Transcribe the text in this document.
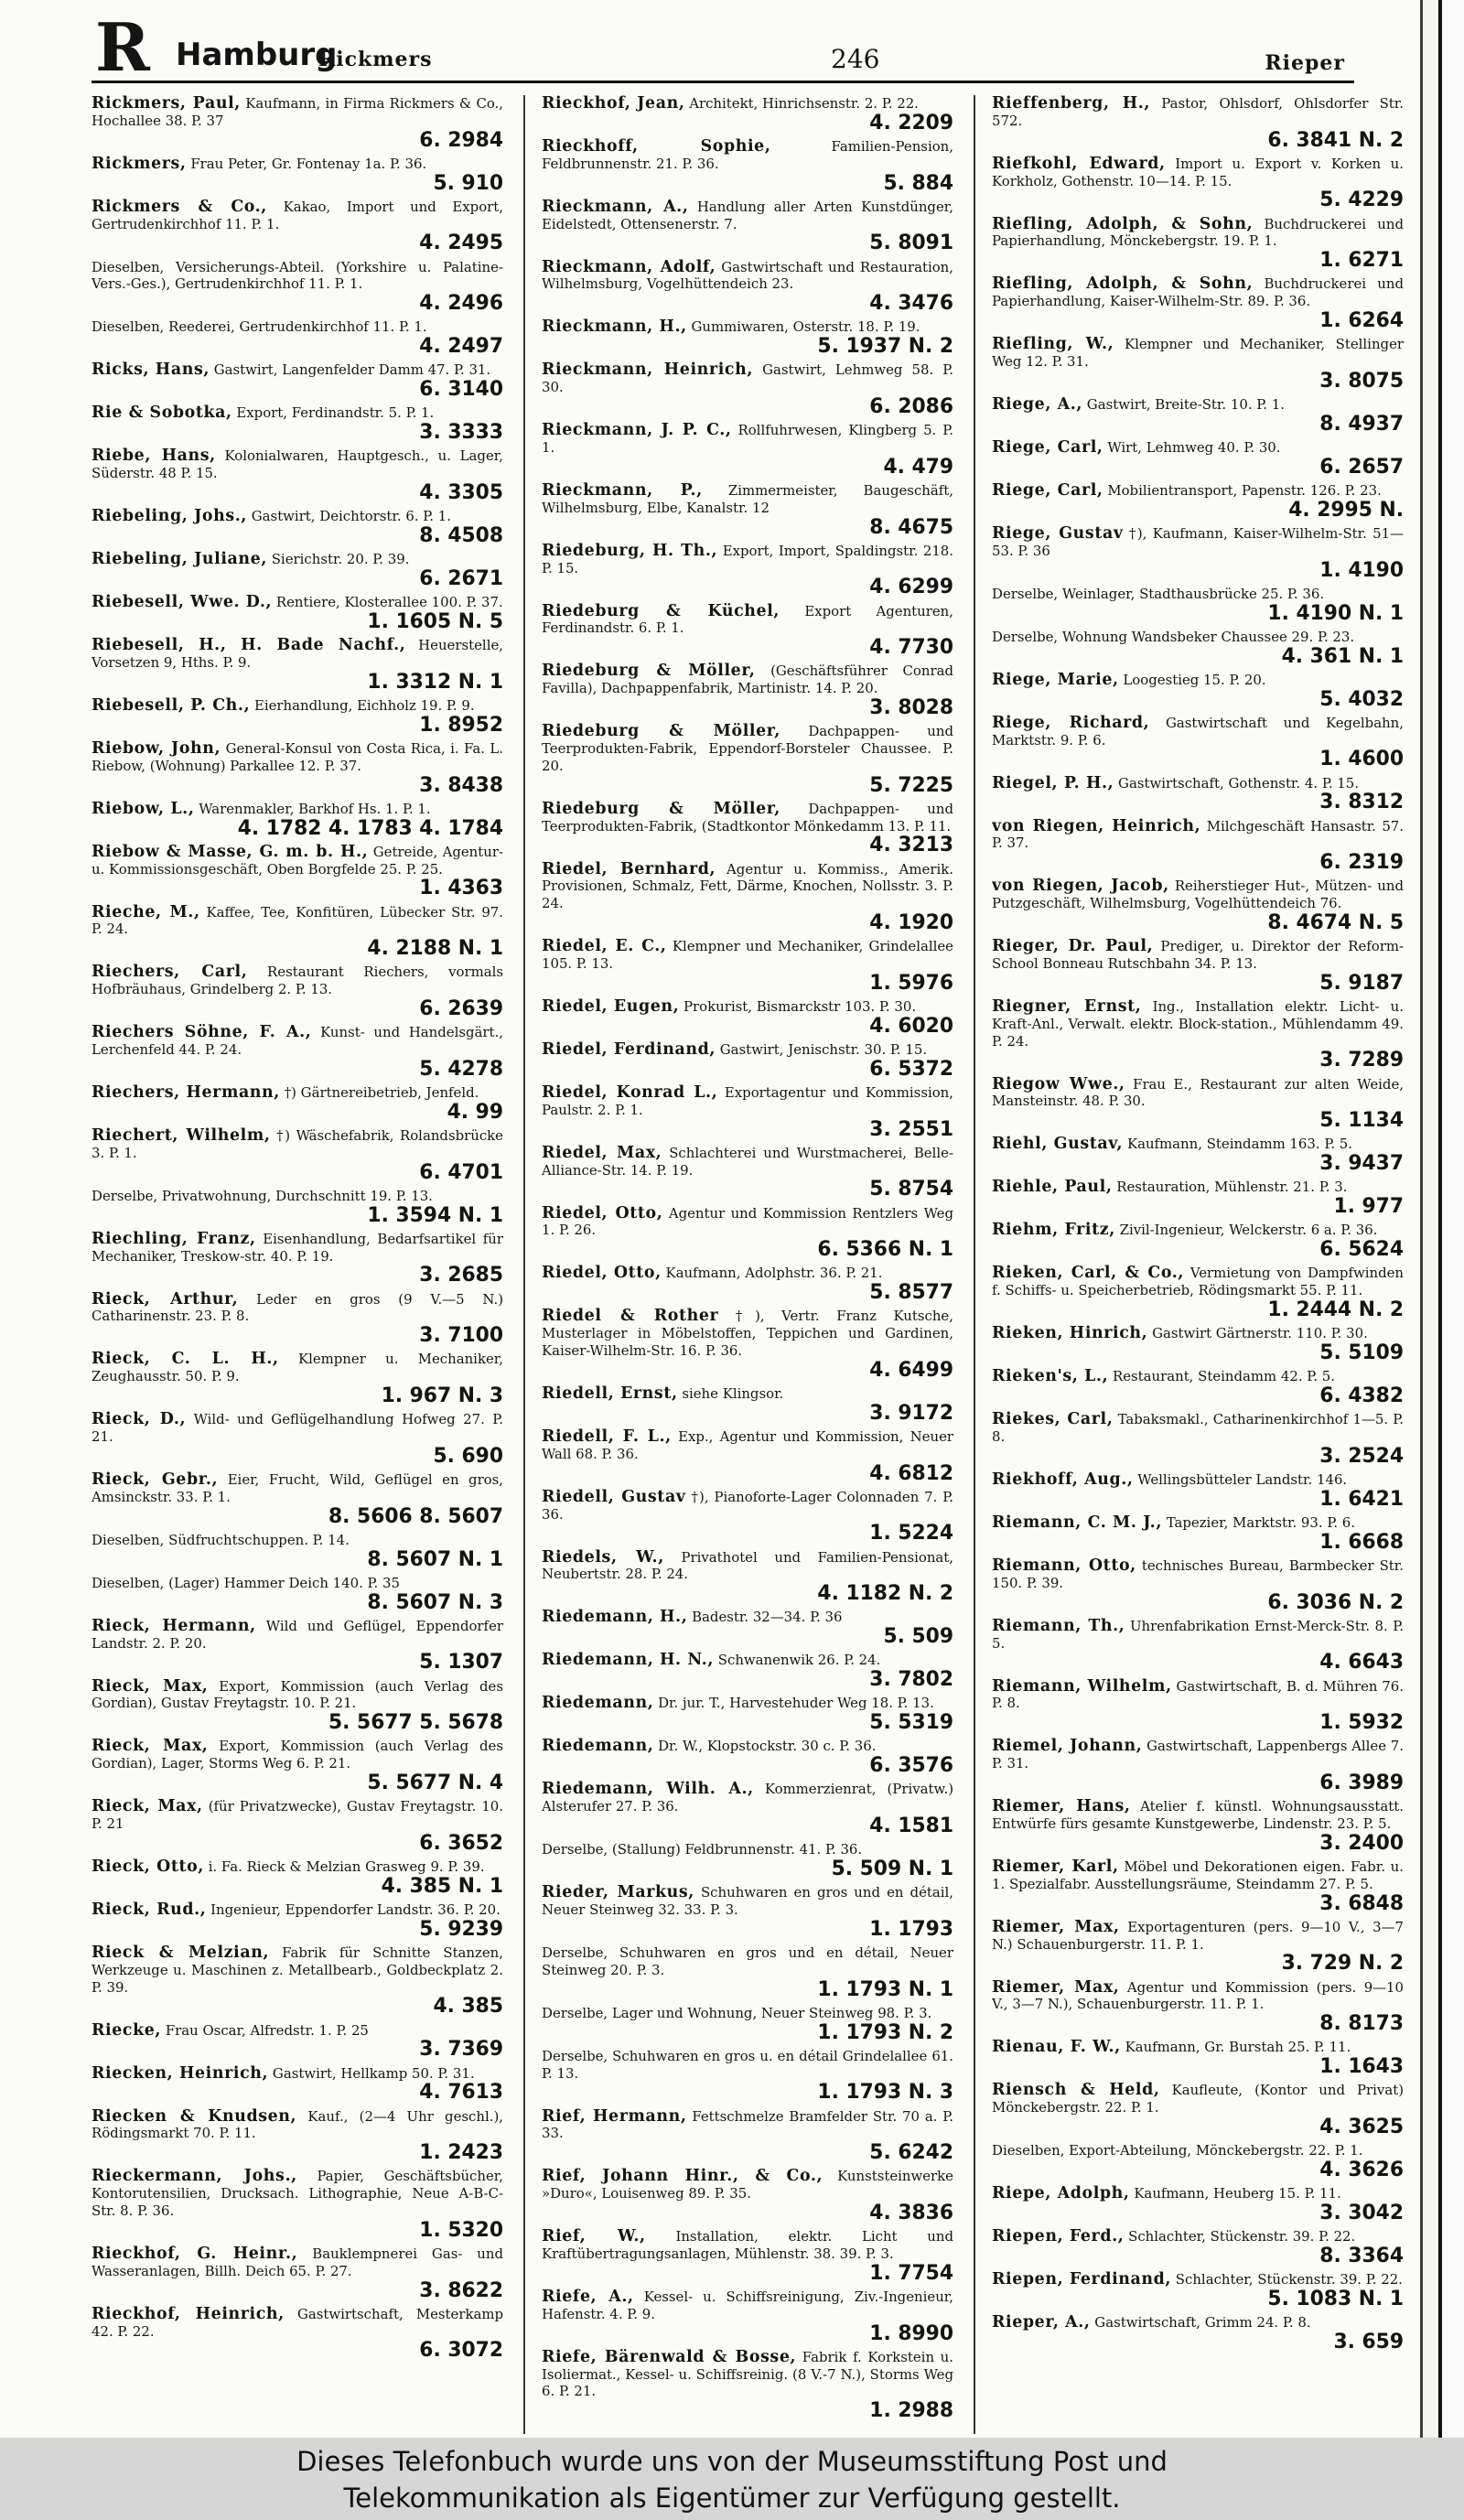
R Hamburg
Rickmers	246	Rieper
Rickmers, Paul, Kaufmann, in Firma Rickmers & Co., Hochallee 38. P. 37
6. 2984
Rickmers, Frau Peter, Gr. Fontenay 1a. P. 36.
5. 910
Rickmers & Co., Kakao, Import und Export, Gertrudenkirchhof 11. P. 1.
4. 2495
Dieselben, Versicherungs-Abteil. (Yorkshire u. Palatine-Vers.-Ges.), Gertrudenkirchhof 11. P. 1.
4. 2496
Dieselben, Reederei, Gertrudenkirchhof 11. P. 1.
4. 2497
Ricks, Hans, Gastwirt, Langenfelder Damm 47. P. 31.
6. 3140
Rie & Sobotka, Export, Ferdinandstr. 5. P. 1.
3. 3333
Riebe, Hans, Kolonialwaren, Hauptgesch., u. Lager, Süderstr. 48 P. 15.
4. 3305
Riebeling, Johs., Gastwirt, Deichtorstr. 6. P. 1.
8. 4508
Riebeling, Juliane, Sierichstr. 20. P. 39.
6. 2671
Riebesell, Wwe. D., Rentiere, Klosterallee 100. P. 37.
1. 1605 N. 5
Riebesell, H., H. Bade Nachf., Heuerstelle, Vorsetzen 9, Hths. P. 9.
1. 3312 N. 1
Riebesell, P. Ch., Eierhandlung, Eichholz 19. P. 9.
1. 8952
Riebow, John, General-Konsul von Costa Rica, i. Fa. L. Riebow, (Wohnung) Parkallee 12. P. 37.
3. 8438
Riebow, L., Warenmakler, Barkhof Hs. 1. P. 1.
4. 1782 4. 1783 4. 1784
Riebow & Masse, G. m. b. H., Getreide, Agentur- u. Kommissionsgeschäft, Oben Borgfelde 25. P. 25.
1. 4363
Rieche, M., Kaffee, Tee, Konfitüren, Lübecker Str. 97. P. 24.
4. 2188 N. 1
Riechers, Carl, Restaurant Riechers, vormals Hofbräuhaus, Grindelberg 2. P. 13.
6. 2639
Riechers Söhne, F. A., Kunst- und Handelsgärt., Lerchenfeld 44. P. 24.
5. 4278
Riechers, Hermann, †) Gärtnereibetrieb, Jenfeld.
4. 99
Riechert, Wilhelm, †) Wäschefabrik, Rolandsbrücke 3. P. 1.
6. 4701
Derselbe, Privatwohnung, Durchschnitt 19. P. 13.
1. 3594 N. 1
Riechling, Franz, Eisenhandlung, Bedarfsartikel für Mechaniker, Treskow-str. 40. P. 19.
3. 2685
Rieck, Arthur, Leder en gros (9 V.—5 N.) Catharinenstr. 23. P. 8.
3. 7100
Rieck, C. L. H., Klempner u. Mechaniker, Zeughausstr. 50. P. 9.
1. 967 N. 3
Rieck, D., Wild- und Geflügelhandlung Hofweg 27. P. 21.
5. 690
Rieck, Gebr., Eier, Frucht, Wild, Geflügel en gros, Amsinckstr. 33. P. 1.
8. 5606 8. 5607
Dieselben, Südfruchtschuppen. P. 14.
8. 5607 N. 1
Dieselben, (Lager) Hammer Deich 140. P. 35
8. 5607 N. 3
Rieck, Hermann, Wild und Geflügel, Eppendorfer Landstr. 2. P. 20.
5. 1307
Rieck, Max, Export, Kommission (auch Verlag des Gordian), Gustav Freytagstr. 10. P. 21.
5. 5677 5. 5678
Rieck, Max, Export, Kommission (auch Verlag des Gordian), Lager, Storms Weg 6. P. 21.
5. 5677 N. 4
Rieck, Max, (für Privatzwecke), Gustav Freytagstr. 10. P. 21
6. 3652
Rieck, Otto, i. Fa. Rieck & Melzian Grasweg 9. P. 39.
4. 385 N. 1
Rieck, Rud., Ingenieur, Eppendorfer Landstr. 36. P. 20.
5. 9239
Rieck & Melzian, Fabrik für Schnitte Stanzen, Werkzeuge u. Maschinen z. Metallbearb., Goldbeckplatz 2. P. 39.
4. 385
Riecke, Frau Oscar, Alfredstr. 1. P. 25
3. 7369
Riecken, Heinrich, Gastwirt, Hellkamp 50. P. 31.
4. 7613
Riecken & Knudsen, Kauf., (2—4 Uhr geschl.), Rödingsmarkt 70. P. 11.
1. 2423
Rieckermann, Johs., Papier, Geschäftsbücher, Kontorutensilien, Drucksach. Lithographie, Neue A-B-C-Str. 8. P. 36.
1. 5320
Rieckhof, G. Heinr., Bauklempnerei Gas- und Wasseranlagen, Billh. Deich 65. P. 27.
3. 8622
Rieckhof, Heinrich, Gastwirtschaft, Mesterkamp 42. P. 22.
6. 3072
Rieckhof, Jean, Architekt, Hinrichsenstr. 2. P. 22.
4. 2209
Rieckhoff, Sophie,	Familien-Pension, Feldbrunnenstr. 21. P. 36.
5. 884
Rieckmann, A., Handlung aller Arten Kunstdünger, Eidelstedt, Ottensenerstr. 7.
5. 8091
Rieckmann, Adolf, Gastwirtschaft und Restauration, Wilhelmsburg, Vogelhüttendeich 23.
4. 3476
Rieckmann, H., Gummiwaren, Osterstr. 18. P. 19.
5. 1937 N. 2
Rieckmann, Heinrich, Gastwirt, Lehmweg 58. P. 30.
6. 2086
Rieckmann, J. P. C., Rollfuhrwesen, Klingberg 5. P. 1.
4. 479
Rieckmann, P., Zimmermeister, Baugeschäft, Wilhelmsburg, Elbe, Kanalstr. 12
8. 4675
Riedeburg, H. Th., Export, Import, Spaldingstr. 218. P. 15.
4. 6299
Riedeburg & Küchel, Export Agenturen, Ferdinandstr. 6. P. 1.
4. 7730
Riedeburg & Möller, (Geschäftsführer Conrad Favilla), Dachpappenfabrik, Martinistr. 14. P. 20.
3. 8028
Riedeburg & Möller, Dachpappen- und Teerprodukten-Fabrik, Eppendorf-Borsteler Chaussee. P. 20.
5. 7225
Riedeburg & Möller, Dachpappen- und Teerprodukten-Fabrik, (Stadtkontor Mönkedamm 13. P. 11.
4. 3213
Riedel, Bernhard, Agentur u. Kommiss., Amerik. Provisionen, Schmalz, Fett, Därme, Knochen, Nollsstr. 3. P. 24.
4. 1920
Riedel, E. C., Klempner und Mechaniker, Grindelallee 105. P. 13.
1. 5976
Riedel, Eugen, Prokurist, Bismarckstr 103. P. 30.
4. 6020
Riedel, Ferdinand, Gastwirt, Jenischstr. 30. P. 15.
6. 5372
Riedel, Konrad L., Exportagentur und Kommission, Paulstr. 2. P. 1.
3. 2551
Riedel, Max, Schlachterei und Wurstmacherei, Belle-Alliance-Str. 14. P. 19.
5. 8754
Riedel, Otto, Agentur und Kommission Rentzlers Weg 1. P. 26.
6. 5366 N. 1
Riedel, Otto, Kaufmann, Adolphstr. 36. P. 21.
5. 8577
Riedel & Rother †), Vertr. Franz Kutsche, Musterlager in Möbelstoffen, Teppichen und Gardinen, Kaiser-Wilhelm-Str. 16. P. 36.
4. 6499
Riedell, Ernst, siehe Klingsor.
3. 9172
Riedell, F. L., Exp., Agentur und Kommission, Neuer Wall 68. P. 36.
4. 6812
Riedell, Gustav †), Pianoforte-Lager Colonnaden 7. P. 36.
1. 5224
Riedels, W., Privathotel und Familien-Pensionat, Neubertstr. 28. P. 24.
4. 1182 N. 2
Riedemann, H., Badestr. 32—34. P. 36
5. 509
Riedemann, H. N., Schwanenwik 26. P. 24.
3. 7802
Riedemann, Dr. jur. T., Harvestehuder Weg 18. P. 13.
5. 5319
Riedemann, Dr. W., Klopstockstr. 30 c. P. 36.
6. 3576
Riedemann, Wilh. A., Kommerzienrat, (Privatw.) Alsterufer 27. P. 36.
4. 1581
Derselbe, (Stallung) Feldbrunnenstr. 41. P. 36.
5. 509 N. 1
Rieder, Markus, Schuhwaren en gros und en détail, Neuer Steinweg 32. 33. P. 3.
1. 1793
Derselbe, Schuhwaren en gros und en détail, Neuer Steinweg 20. P. 3.
1. 1793 N. 1
Derselbe, Lager und Wohnung, Neuer Steinweg 98. P. 3.
1. 1793 N. 2
Derselbe, Schuhwaren en gros u. en détail Grindelallee 61. P. 13.
1. 1793 N. 3
Rief, Hermann, Fettschmelze Bramfelder Str. 70 a. P. 33.
5. 6242
Rief, Johann Hinr., & Co., Kunststeinwerke »Duro«, Louisenweg 89. P. 35.
4. 3836
Rief, W., Installation, elektr. Licht und Kraftübertragungsanlagen, Mühlenstr. 38. 39. P. 3.
1. 7754
Riefe, A., Kessel- u. Schiffsreinigung, Ziv.-Ingenieur, Hafenstr. 4. P. 9.
1. 8990
Riefe, Bärenwald & Bosse, Fabrik f. Korkstein u. Isoliermat., Kessel- u. Schiffsreinig. (8 V.-7 N.), Storms Weg 6. P. 21.
1. 2988
Rieffenberg, H., Pastor, Ohlsdorf, Ohlsdorfer Str. 572.
6. 3841 N. 2
Riefkohl, Edward, Import u. Export v. Korken u. Korkholz, Gothenstr. 10—14. P. 15.
5. 4229
Riefling, Adolph, & Sohn, Buchdruckerei und Papierhandlung, Mönckebergstr. 19. P. 1.
1. 6271
Riefling, Adolph, & Sohn, Buchdruckerei und Papierhandlung, Kaiser-Wilhelm-Str. 89. P. 36.
1. 6264
Riefling, W., Klempner und Mechaniker, Stellinger Weg 12. P. 31.
3. 8075
Riege, A., Gastwirt, Breite-Str. 10. P. 1.
8. 4937
Riege, Carl, Wirt, Lehmweg 40. P. 30.
6. 2657
Riege, Carl, Mobilientransport, Papenstr. 126. P. 23.
4. 2995 N.
Riege, Gustav †), Kaufmann, Kaiser-Wilhelm-Str. 51—53. P. 36
1. 4190
Derselbe, Weinlager, Stadthausbrücke 25. P. 36.
1. 4190 N. 1
Derselbe, Wohnung Wandsbeker Chaussee 29. P. 23.
4. 361 N. 1
Riege, Marie, Loogestieg 15. P. 20.
5. 4032
Riege, Richard, Gastwirtschaft und Kegelbahn, Marktstr. 9. P. 6.
1. 4600
Riegel, P. H., Gastwirtschaft, Gothenstr. 4. P. 15.
3. 8312
von Riegen, Heinrich, Milchgeschäft Hansastr. 57. P. 37.
6. 2319
von Riegen, Jacob, Reiherstieger Hut-, Mützen- und Putzgeschäft, Wilhelmsburg, Vogelhüttendeich 76.
8. 4674 N. 5
Rieger, Dr. Paul, Prediger, u. Direktor der Reform-School Bonneau Rutschbahn 34. P. 13.
5. 9187
Riegner, Ernst, Ing., Installation elektr. Licht- u. Kraft-Anl., Verwalt. elektr. Block-station., Mühlendamm 49. P. 24.
3. 7289
Riegow Wwe., Frau E., Restaurant zur alten Weide, Mansteinstr. 48. P. 30.
5. 1134
Riehl, Gustav, Kaufmann, Steindamm 163. P. 5.
3. 9437
Riehle, Paul, Restauration, Mühlenstr. 21. P. 3.
1. 977
Riehm, Fritz, Zivil-Ingenieur, Welckerstr. 6 a. P. 36.
6. 5624
Rieken, Carl, & Co., Vermietung von Dampfwinden f. Schiffs- u. Speicherbetrieb, Rödingsmarkt 55. P. 11.
1. 2444 N. 2
Rieken, Hinrich, Gastwirt Gärtnerstr. 110. P. 30.
5. 5109
Rieken's, L., Restaurant, Steindamm 42. P. 5.
6. 4382
Riekes, Carl, Tabaksmakl., Catharinenkirchhof 1—5. P. 8.
3. 2524
Riekhoff, Aug., Wellingsbütteler Landstr. 146.
1. 6421
Riemann, C. M. J., Tapezier, Marktstr. 93. P. 6.
1. 6668
Riemann, Otto, technisches Bureau, Barmbecker Str. 150. P. 39.
6. 3036 N. 2
Riemann, Th., Uhrenfabrikation Ernst-Merck-Str. 8. P. 5.
4. 6643
Riemann, Wilhelm, Gastwirtschaft, B. d. Mühren 76. P. 8.
1. 5932
Riemel, Johann, Gastwirtschaft, Lappenbergs Allee 7. P. 31.
6. 3989
Riemer, Hans, Atelier f. künstl. Wohnungsausstatt. Entwürfe fürs gesamte Kunstgewerbe, Lindenstr. 23. P. 5.
3. 2400
Riemer, Karl, Möbel und Dekorationen eigen. Fabr. u. 1. Spezialfabr. Ausstellungsräume, Steindamm 27. P. 5.
3. 6848
Riemer, Max, Exportagenturen (pers. 9—10 V., 3—7 N.) Schauenburgerstr. 11. P. 1.
3. 729 N. 2
Riemer, Max, Agentur und Kommission (pers. 9—10 V., 3—7 N.), Schauenburgerstr. 11. P. 1.
8. 8173
Rienau, F. W., Kaufmann, Gr. Burstah 25. P. 11.
1. 1643
Riensch & Held, Kaufleute, (Kontor und Privat) Mönckebergstr. 22. P. 1.
4. 3625
Dieselben, Export-Abteilung, Mönckebergstr. 22. P. 1.
4. 3626
Riepe, Adolph, Kaufmann, Heuberg 15. P. 11.
3. 3042
Riepen, Ferd., Schlachter, Stückenstr. 39. P. 22.
8. 3364
Riepen, Ferdinand, Schlachter, Stückenstr. 39. P. 22.
5. 1083 N. 1
Rieper, A., Gastwirtschaft, Grimm 24. P. 8.
3. 659
Dieses Telefonbuch wurde uns von der Museumsstiftung Post und
Telekommunikation als Eigentümer zur Verfügung gestellt.
